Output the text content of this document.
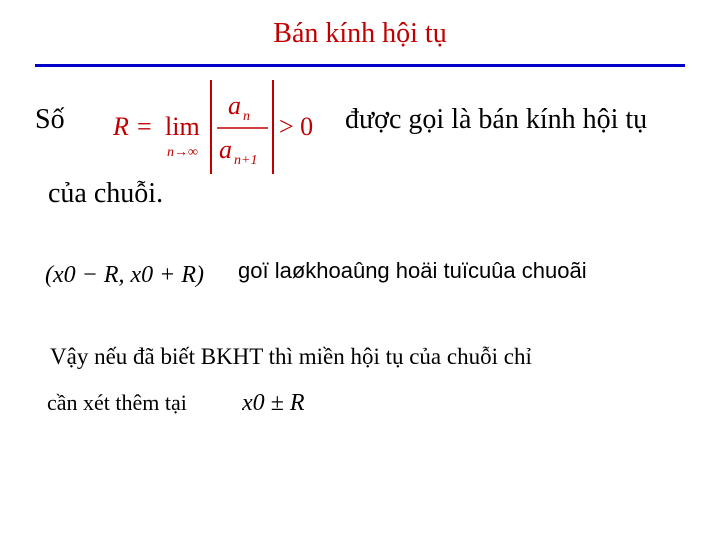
Bán kính hội tụ
Số R = lim
n→∞
a n
a n+1
> 0 được gọi là bán kính hội tụ
của chuỗi.
(x0 − R, x0 + R) goï laøkhoaûng hoäi tuïcuûa chuoãi
Vậy nếu đã biết BKHT thì miền hội tụ của chuỗi chỉ
cần xét thêm tại x0 ± R
